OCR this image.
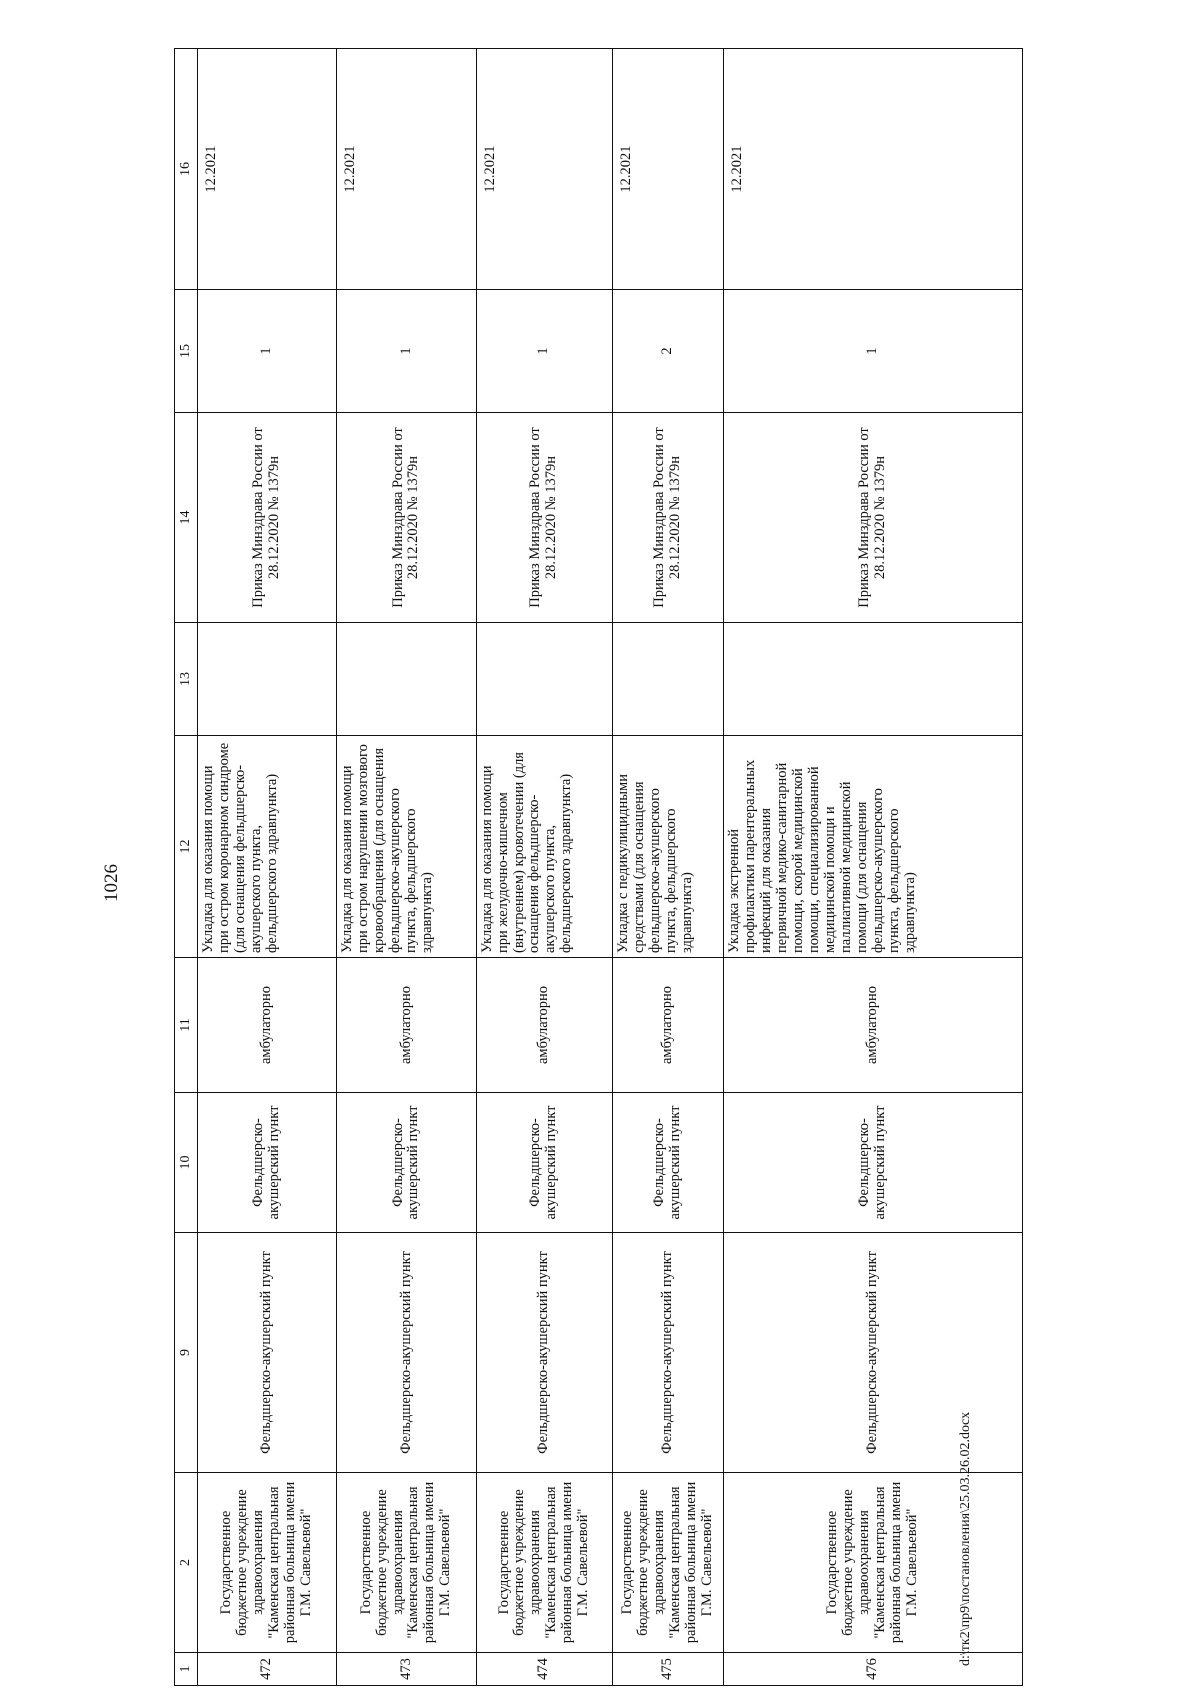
1026
1	2	9	10	11	12	13	14	15	16
472	Государственное бюджетное учреждение здравоохранения "Каменская центральная районная больница имени Г.М. Савельевой"	Фельдшерско-акушерский пункт	Фельдшерско-акушерский пункт	амбулаторно	Укладка для оказания помощи при остром коронарном синдроме (для оснащения фельдшерско-акушерского пункта, фельдшерского здравпункта)		Приказ Минздрава России от 28.12.2020 № 1379н	1	12.2021
473	Государственное бюджетное учреждение здравоохранения "Каменская центральная районная больница имени Г.М. Савельевой"	Фельдшерско-акушерский пункт	Фельдшерско-акушерский пункт	амбулаторно	Укладка для оказания помощи при остром нарушении мозгового кровообращения (для оснащения фельдшерско-акушерского пункта, фельдшерского здравпункта)		Приказ Минздрава России от 28.12.2020 № 1379н	1	12.2021
474	Государственное бюджетное учреждение здравоохранения "Каменская центральная районная больница имени Г.М. Савельевой"	Фельдшерско-акушерский пункт	Фельдшерско-акушерский пункт	амбулаторно	Укладка для оказания помощи при желудочно-кишечном (внутреннем) кровотечении (для оснащения фельдшерско-акушерского пункта, фельдшерского здравпункта)		Приказ Минздрава России от 28.12.2020 № 1379н	1	12.2021
475	Государственное бюджетное учреждение здравоохранения "Каменская центральная районная больница имени Г.М. Савельевой"	Фельдшерско-акушерский пункт	Фельдшерско-акушерский пункт	амбулаторно	Укладка с педикулицидными средствами (для оснащения фельдшерско-акушерского пункта, фельдшерского здравпункта)		Приказ Минздрава России от 28.12.2020 № 1379н	2	12.2021
476	Государственное бюджетное учреждение здравоохранения "Каменская центральная районная больница имени Г.М. Савельевой"	Фельдшерско-акушерский пункт	Фельдшерско-акушерский пункт	амбулаторно	Укладка экстренной профилактики парентеральных инфекций для оказания первичной медико-санитарной помощи, скорой медицинской помощи, специализированной медицинской помощи и паллиативной медицинской помощи (для оснащения фельдшерско-акушерского пункта, фельдшерского здравпункта)		Приказ Минздрава России от 28.12.2020 № 1379н	1	12.2021
d:\тк2\пр9\постановления\25.03.26.02.docx
